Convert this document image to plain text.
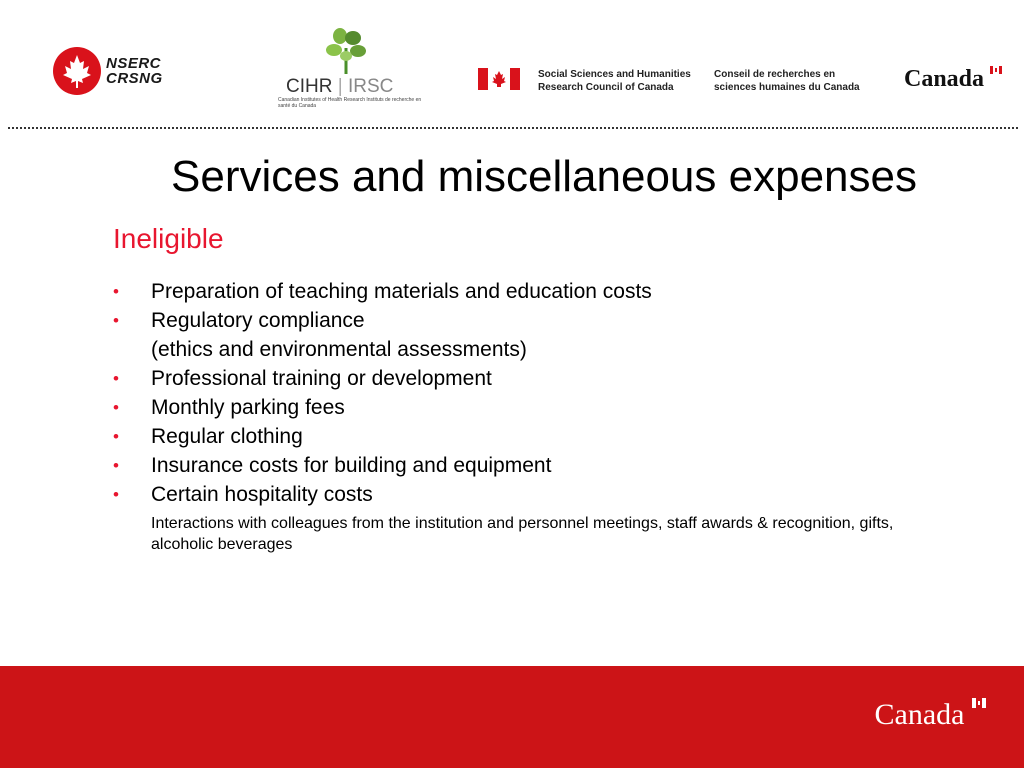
NSERC
CRSNG	CIHR | IRSC
Canadian Institutes of Health Research Instituts de recherche en santé du Canada
Social Sciences and Humanities
Research Council of Canada
Conseil de recherches en
sciences humaines du Canada	Canada
Services and miscellaneous expenses
Ineligible
• Preparation of teaching materials and education costs
• Regulatory compliance
(ethics and environmental assessments)
• Professional training or development
• Monthly parking fees
• Regular clothing
• Insurance costs for building and equipment
• Certain hospitality costs
Interactions with colleagues from the institution and personnel meetings, staff awards & recognition, gifts, alcoholic beverages
Canada
